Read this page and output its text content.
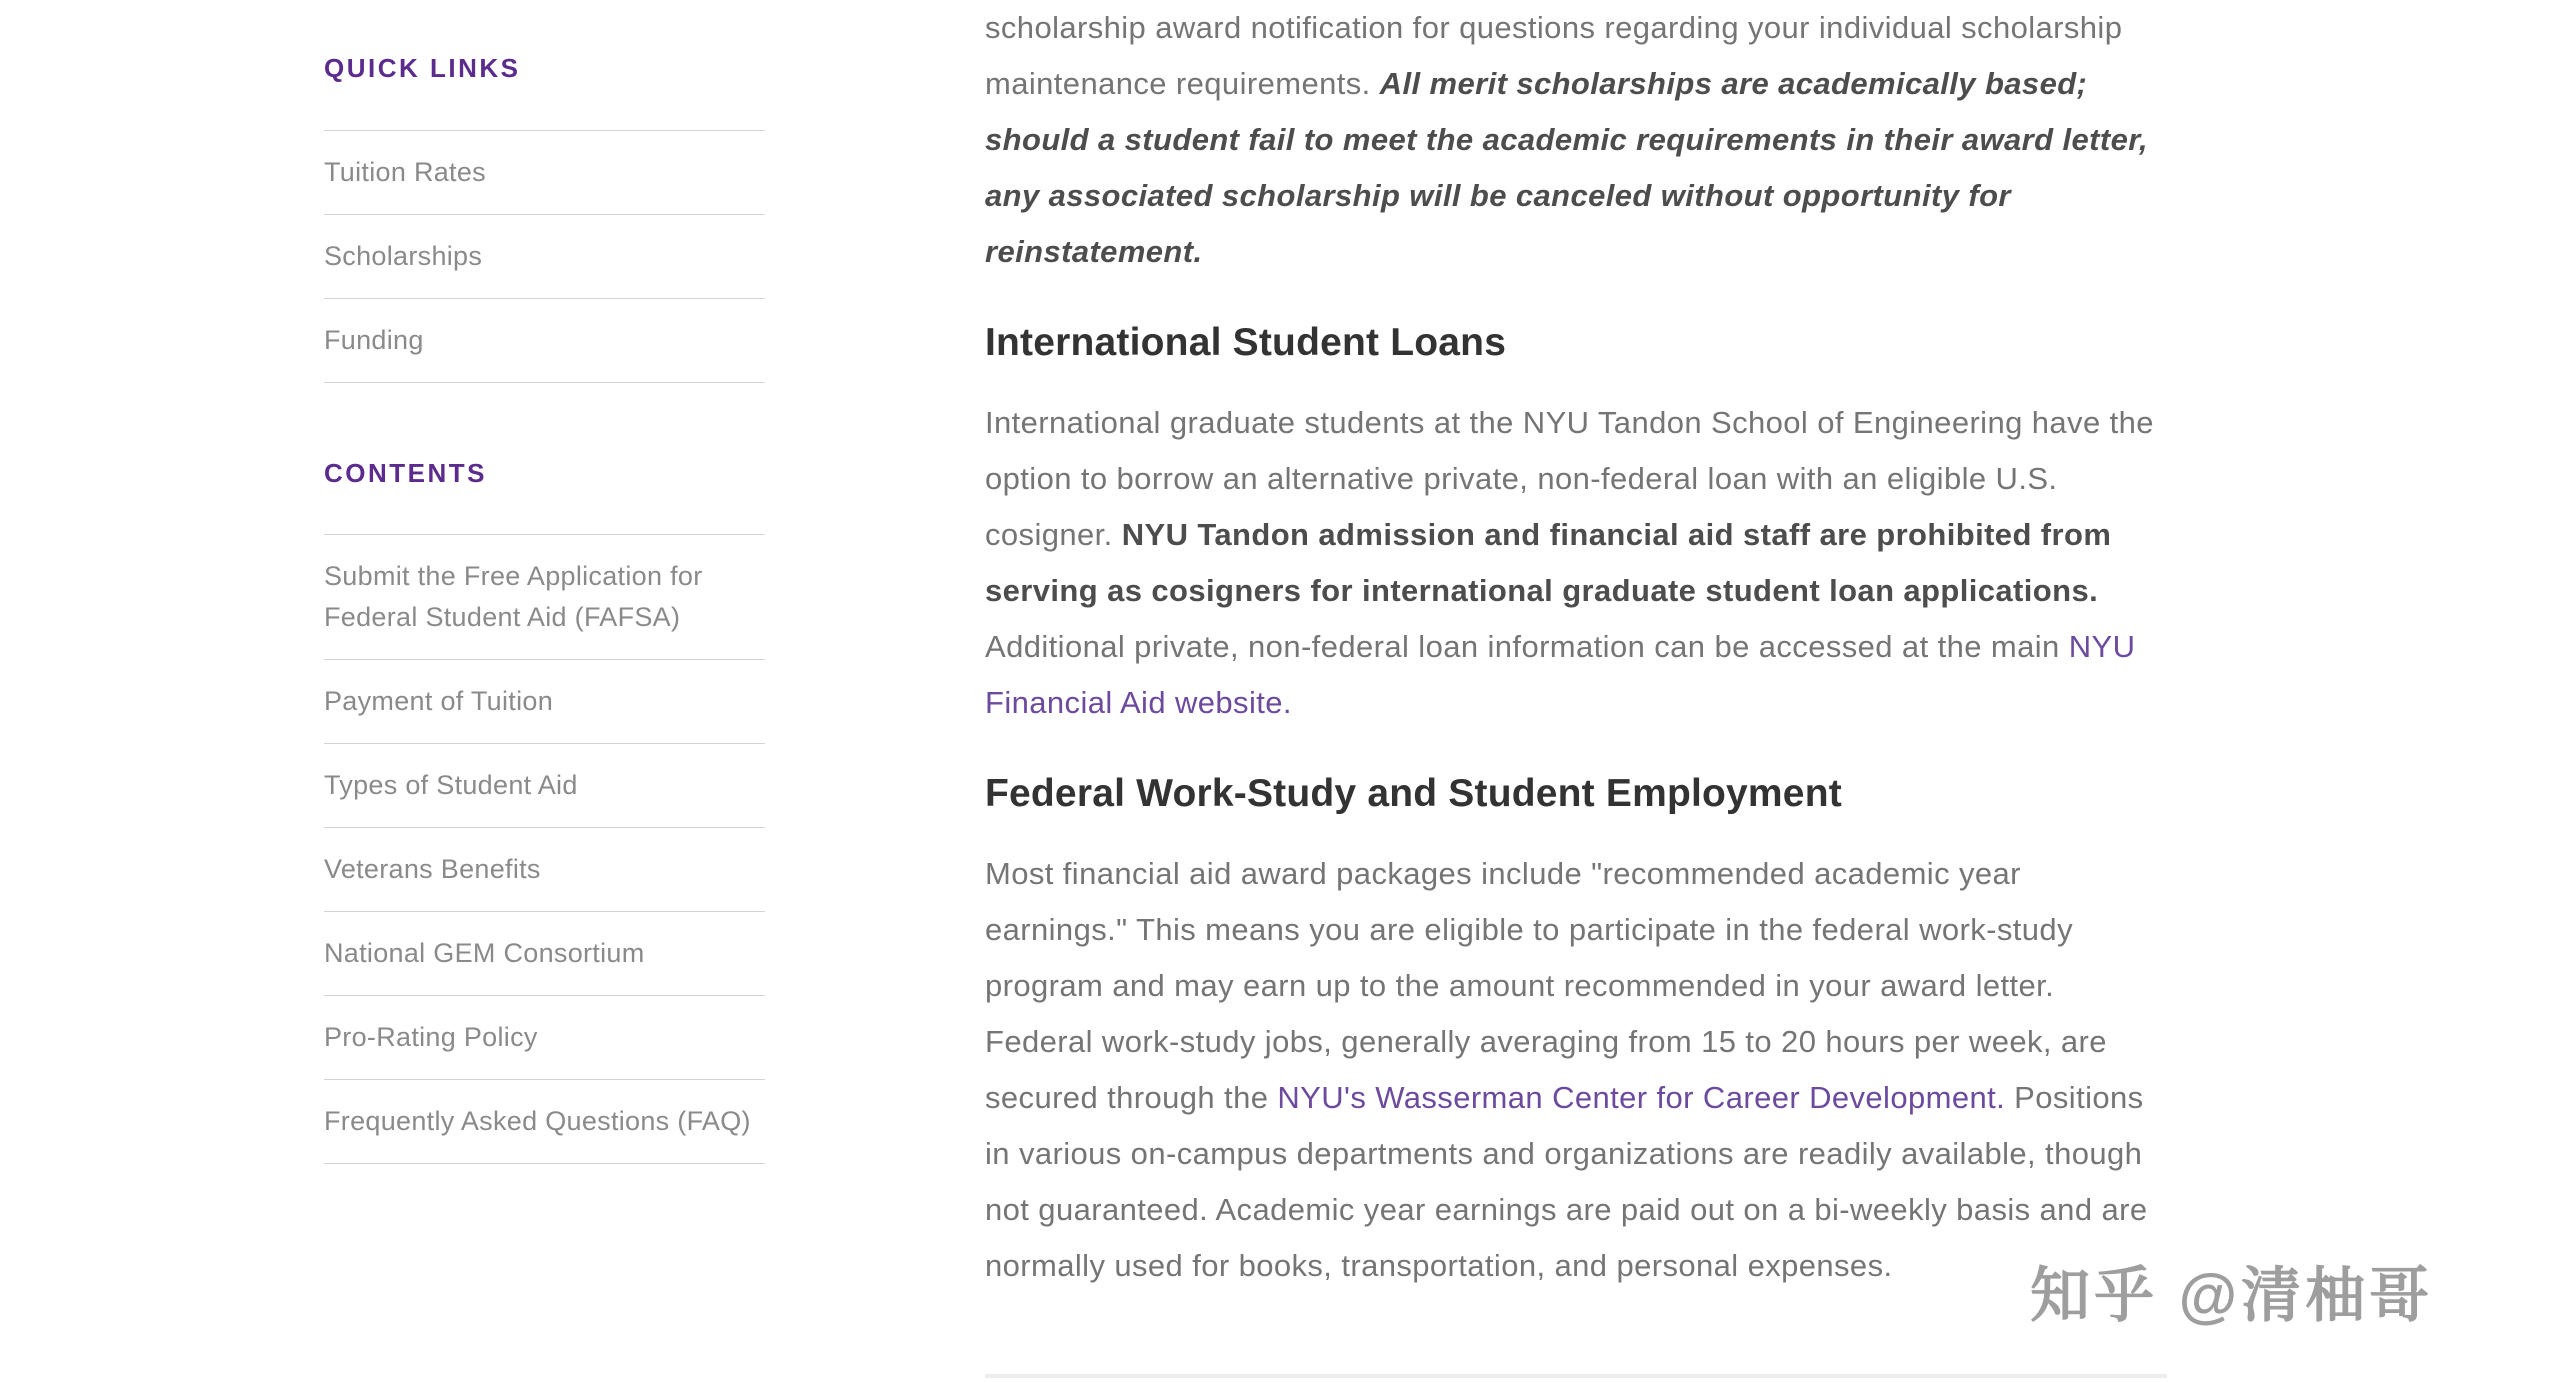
QUICK LINKS
Tuition Rates
Scholarships
Funding
CONTENTS
Submit the Free Application for Federal Student Aid (FAFSA)
Payment of Tuition
Types of Student Aid
Veterans Benefits
National GEM Consortium
Pro-Rating Policy
Frequently Asked Questions (FAQ)

scholarship award notification for questions regarding your individual scholarship maintenance requirements. All merit scholarships are academically based; should a student fail to meet the academic requirements in their award letter, any associated scholarship will be canceled without opportunity for reinstatement.

International Student Loans

International graduate students at the NYU Tandon School of Engineering have the option to borrow an alternative private, non-federal loan with an eligible U.S. cosigner. NYU Tandon admission and financial aid staff are prohibited from serving as cosigners for international graduate student loan applications. Additional private, non-federal loan information can be accessed at the main NYU Financial Aid website.

Federal Work-Study and Student Employment

Most financial aid award packages include "recommended academic year earnings." This means you are eligible to participate in the federal work-study program and may earn up to the amount recommended in your award letter. Federal work-study jobs, generally averaging from 15 to 20 hours per week, are secured through the NYU's Wasserman Center for Career Development. Positions in various on-campus departments and organizations are readily available, though not guaranteed. Academic year earnings are paid out on a bi-weekly basis and are normally used for books, transportation, and personal expenses.	知乎 @清柚哥
